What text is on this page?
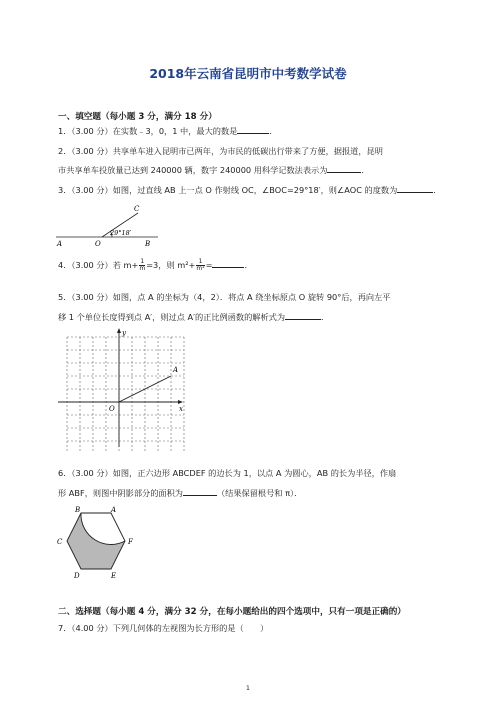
2018年云南省昆明市中考数学试卷
一、填空题（每小题 3 分，满分 18 分）
1．（3.00 分）在实数﹣3，0，1 中，最大的数是	．
2．（3.00 分）共享单车进入昆明市已两年，为市民的低碳出行带来了方便，据报道，昆明
市共享单车投放量已达到 240000 辆，数字 240000 用科学记数法表示为	．
3．（3.00 分）如图，过直线 AB 上一点 O 作射线 OC，∠BOC=29°18′，则∠AOC 的度数为	．
C
A	O	B
29°18′
4．（3.00 分）若 $m+ \frac{1}{m} =3$，则 $m^2+ \frac{1}{\text{m²}}$ =	．
5．（3.00 分）如图，点 A 的坐标为（4，2）．将点 A 绕坐标原点 O 旋转 90°后，再向左平
移 1 个单位长度得到点 A′，则过点 A′的正比例函数的解析式为	．
y
x
O
A
6．（3.00 分）如图，正六边形 ABCDEF 的边长为 1，以点 A 为圆心，AB 的长为半径，作扇
形 ABF，则图中阴影部分的面积为	（结果保留根号和 π）．
B	A
C	F
D	E
二、选择题（每小题 4 分，满分 32 分，在每小题给出的四个选项中，只有一项是正确的）
7．（4.00 分）下列几何体的左视图为长方形的是（　　）
1
